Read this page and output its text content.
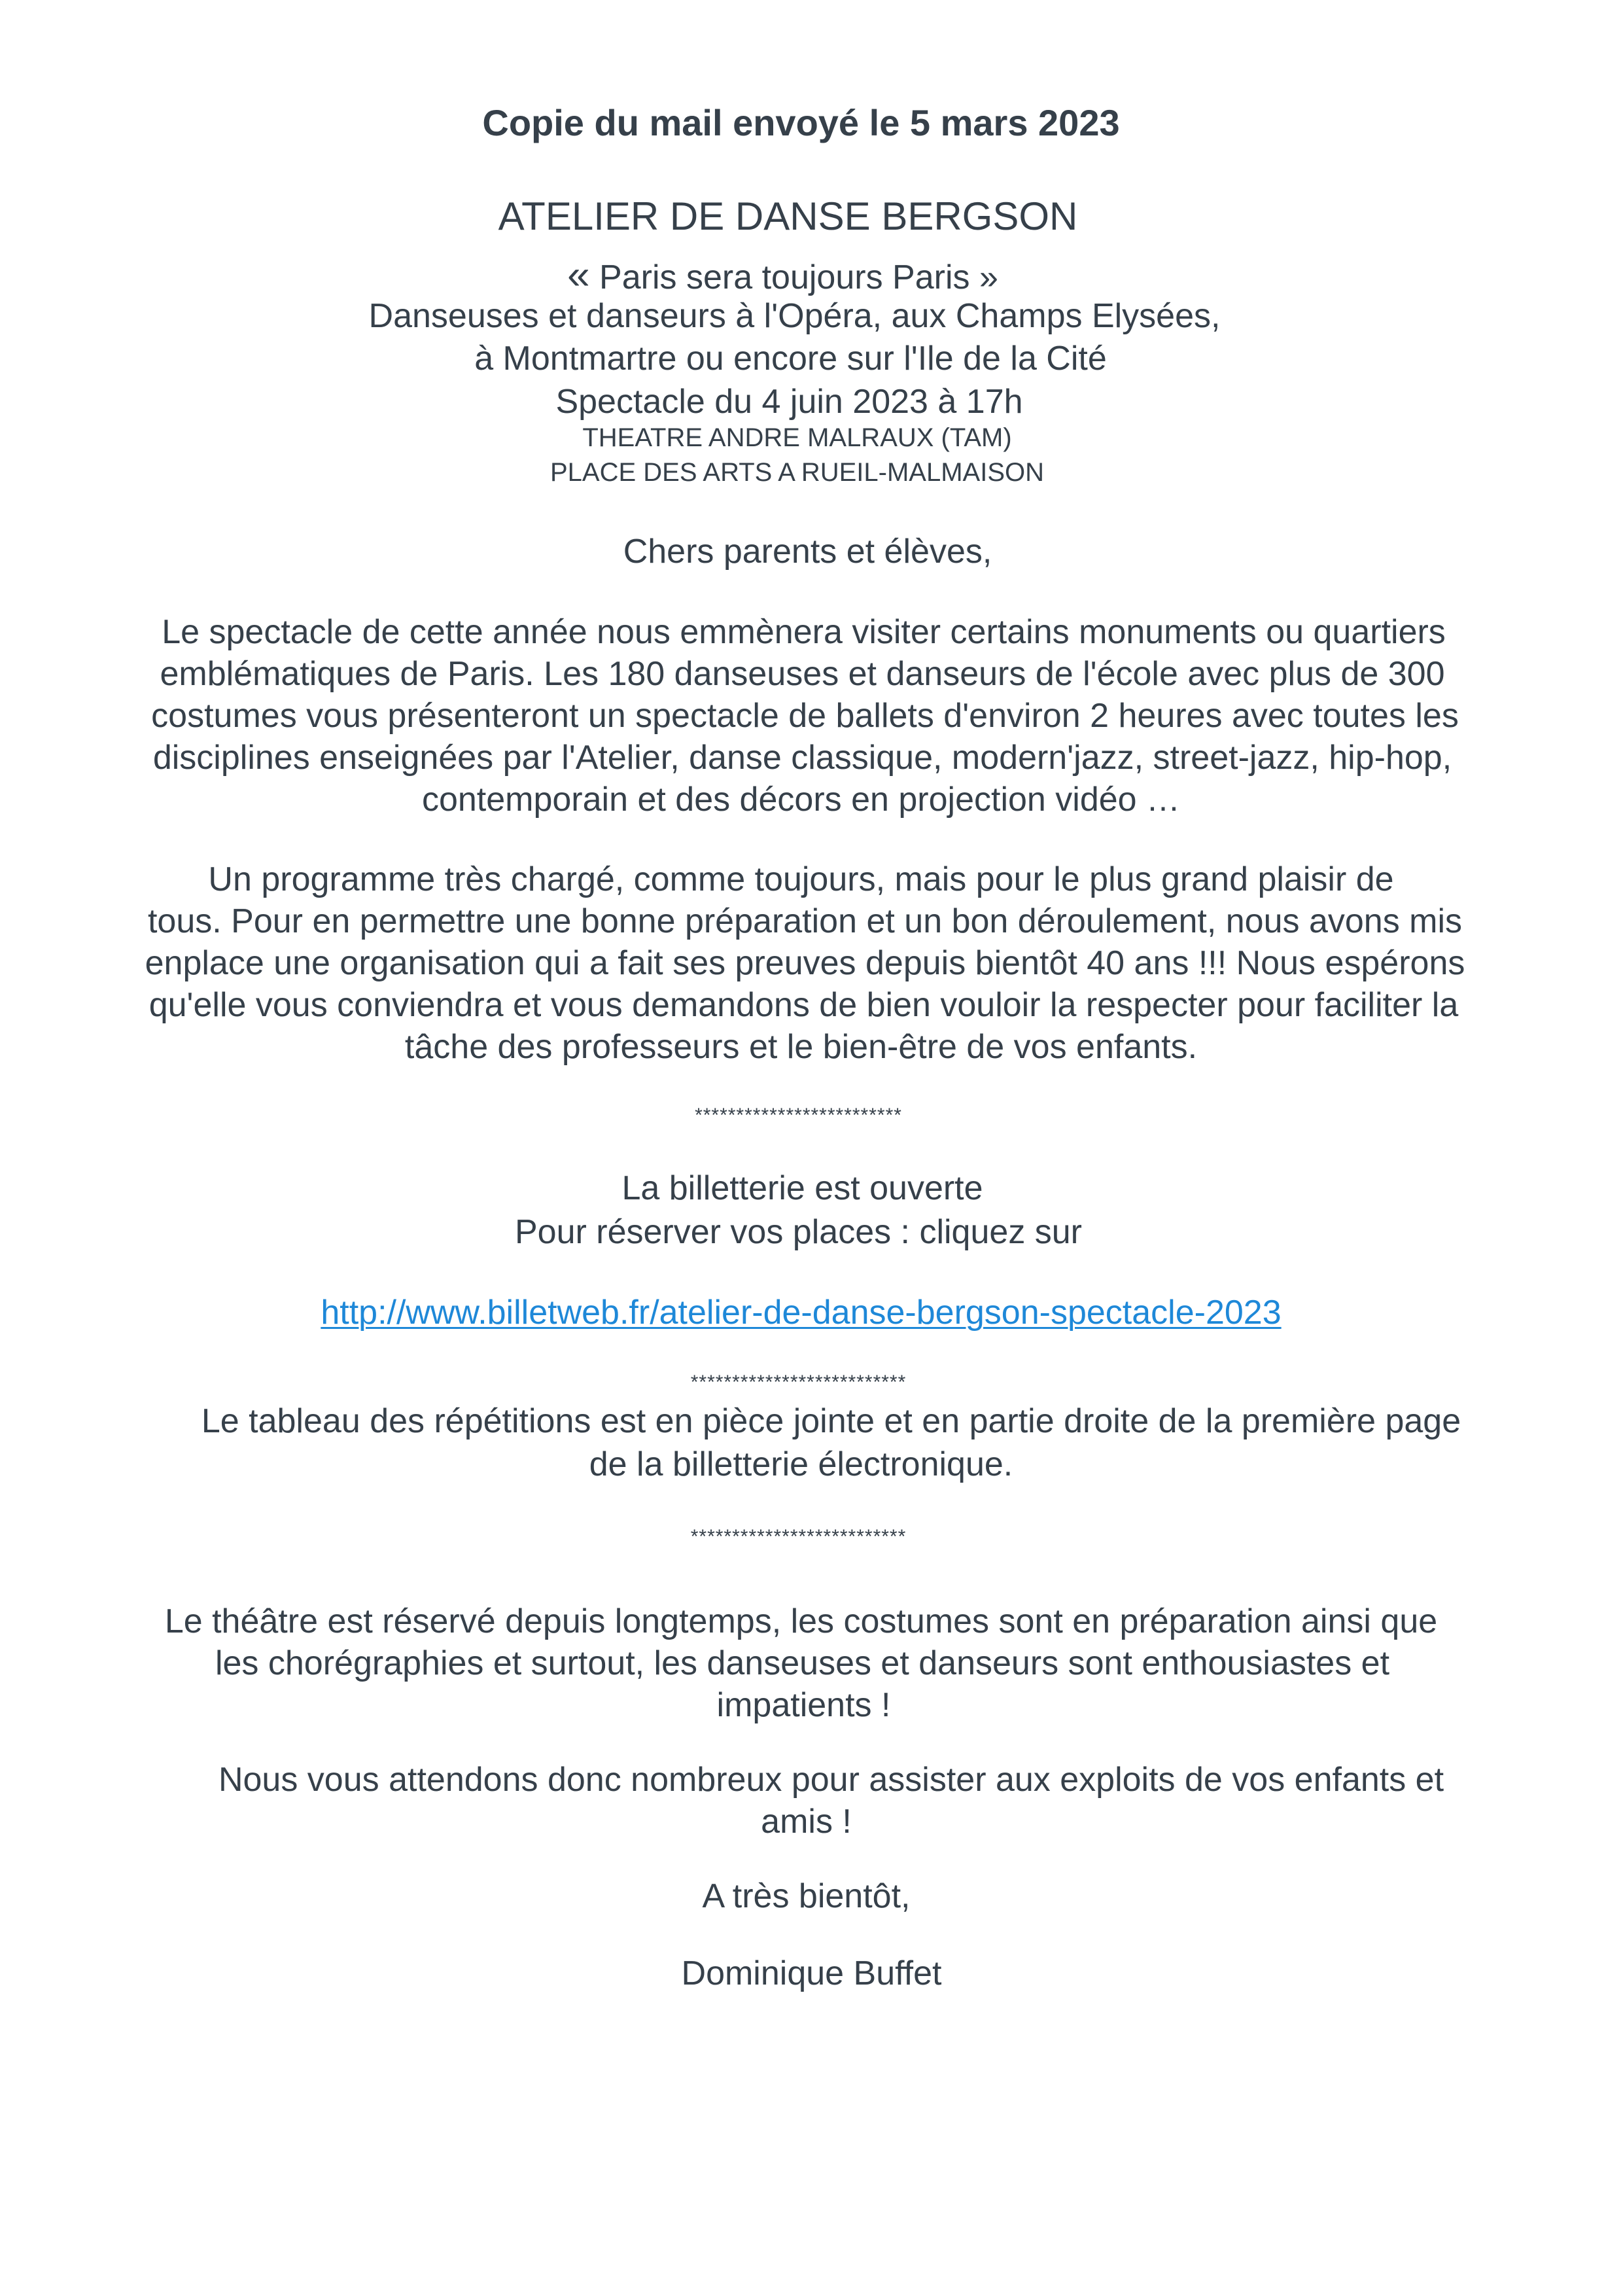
Copie du mail envoyé le 5 mars 2023
ATELIER DE DANSE BERGSON
« Paris sera toujours Paris »
Danseuses et danseurs à l'Opéra, aux Champs Elysées,
à Montmartre ou encore sur l'Ile de la Cité
Spectacle du 4 juin 2023 à 17h
THEATRE ANDRE MALRAUX (TAM)
PLACE DES ARTS A RUEIL-MALMAISON
Chers parents et élèves,
Le spectacle de cette année nous emmènera visiter certains monuments ou quartiers
emblématiques de Paris. Les 180 danseuses et danseurs de l'école avec plus de 300
costumes vous présenteront un spectacle de ballets d'environ 2 heures avec toutes les
disciplines enseignées par l'Atelier, danse classique, modern'jazz, street-jazz, hip-hop,
contemporain et des décors en projection vidéo …
Un programme très chargé, comme toujours, mais pour le plus grand plaisir de
tous. Pour en permettre une bonne préparation et un bon déroulement, nous avons mis
enplace une organisation qui a fait ses preuves depuis bientôt 40 ans !!! Nous espérons
qu'elle vous conviendra et vous demandons de bien vouloir la respecter pour faciliter la
tâche des professeurs et le bien-être de vos enfants.
*************************
La billetterie est ouverte
Pour réserver vos places : cliquez sur
http://www.billetweb.fr/atelier-de-danse-bergson-spectacle-2023
**************************
Le tableau des répétitions est en pièce jointe et en partie droite de la première page
de la billetterie électronique.
**************************
Le théâtre est réservé depuis longtemps, les costumes sont en préparation ainsi que
les chorégraphies et surtout, les danseuses et danseurs sont enthousiastes et
impatients !
Nous vous attendons donc nombreux pour assister aux exploits de vos enfants et
amis !
A très bientôt,
Dominique Buffet
